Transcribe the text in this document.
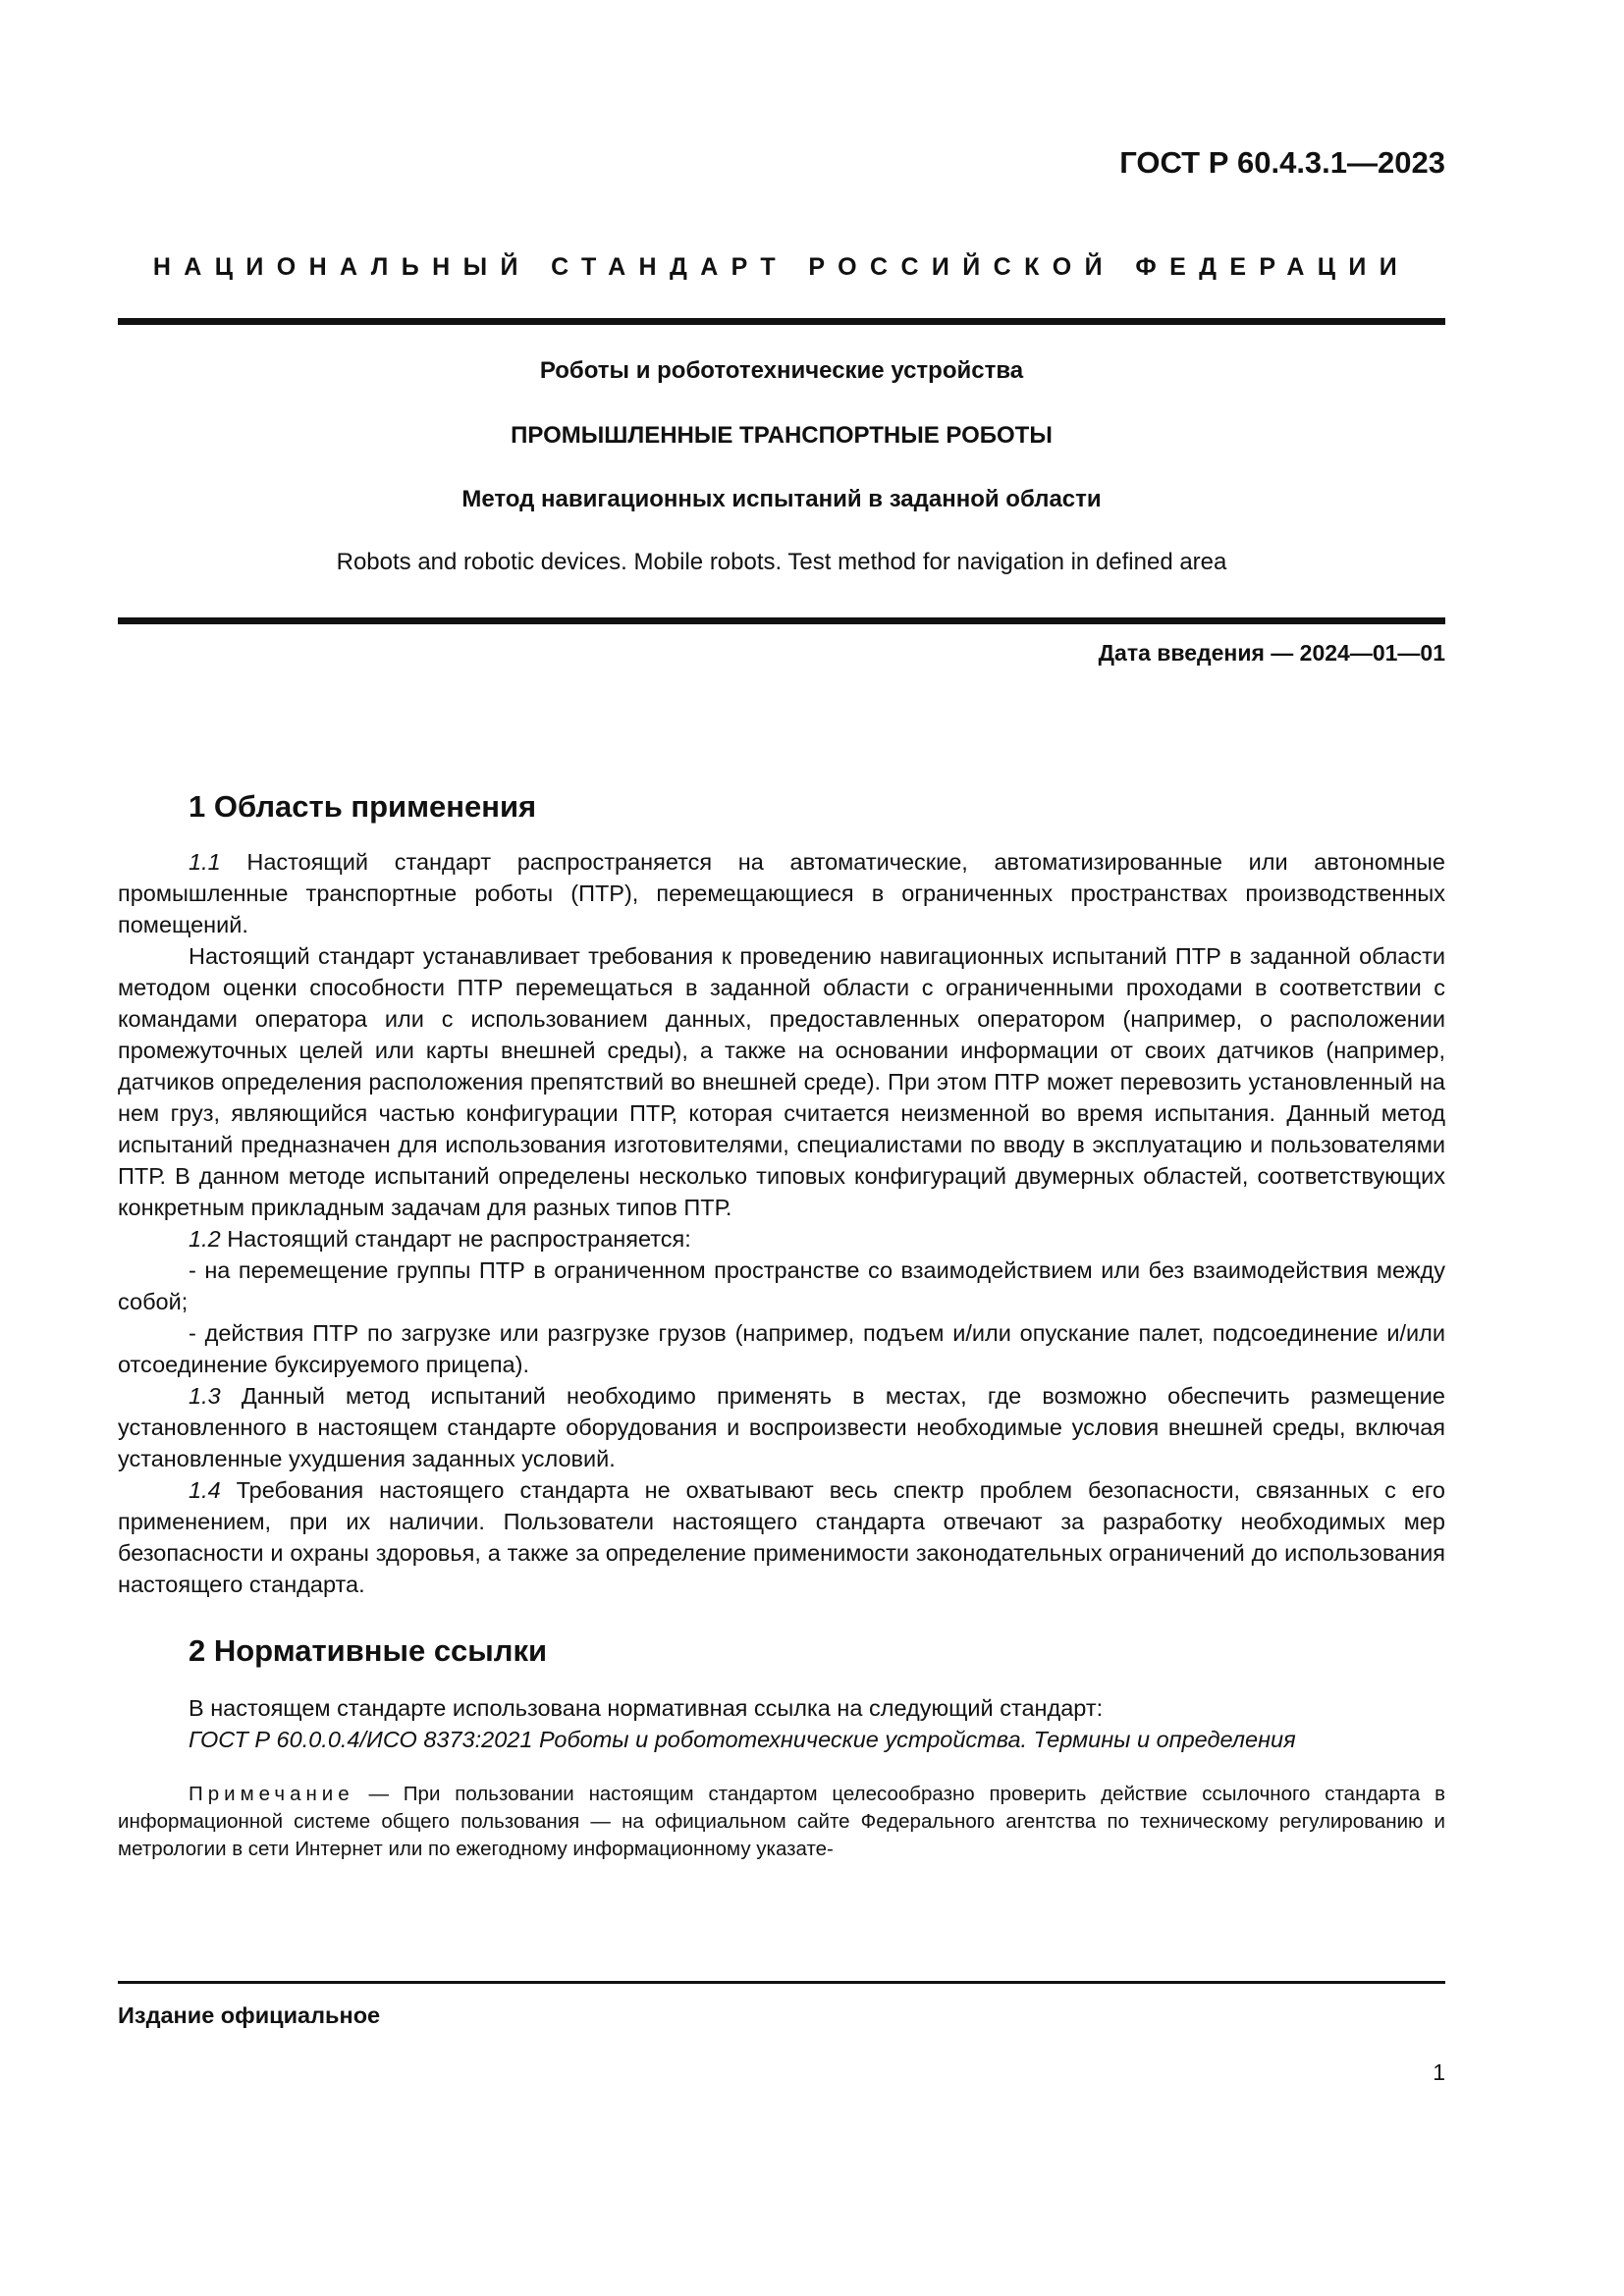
ГОСТ Р 60.4.3.1—2023
НАЦИОНАЛЬНЫЙ СТАНДАРТ РОССИЙСКОЙ ФЕДЕРАЦИИ
Роботы и робототехнические устройства
ПРОМЫШЛЕННЫЕ ТРАНСПОРТНЫЕ РОБОТЫ
Метод навигационных испытаний в заданной области
Robots and robotic devices. Mobile robots. Test method for navigation in defined area
Дата введения — 2024—01—01
1 Область применения

1.1 Настоящий стандарт распространяется на автоматические, автоматизированные или автономные промышленные транспортные роботы (ПТР), перемещающиеся в ограниченных пространствах производственных помещений.

Настоящий стандарт устанавливает требования к проведению навигационных испытаний ПТР в заданной области методом оценки способности ПТР перемещаться в заданной области с ограниченными проходами в соответствии с командами оператора или с использованием данных, предоставленных оператором (например, о расположении промежуточных целей или карты внешней среды), а также на основании информации от своих датчиков (например, датчиков определения расположения препятствий во внешней среде). При этом ПТР может перевозить установленный на нем груз, являющийся частью конфигурации ПТР, которая считается неизменной во время испытания. Данный метод испытаний предназначен для использования изготовителями, специалистами по вводу в эксплуатацию и пользователями ПТР. В данном методе испытаний определены несколько типовых конфигураций двумерных областей, соответствующих конкретным прикладным задачам для разных типов ПТР.

1.2 Настоящий стандарт не распространяется:

- на перемещение группы ПТР в ограниченном пространстве со взаимодействием или без взаимодействия между собой;

- действия ПТР по загрузке или разгрузке грузов (например, подъем и/или опускание палет, подсоединение и/или отсоединение буксируемого прицепа).

1.3 Данный метод испытаний необходимо применять в местах, где возможно обеспечить размещение установленного в настоящем стандарте оборудования и воспроизвести необходимые условия внешней среды, включая установленные ухудшения заданных условий.

1.4 Требования настоящего стандарта не охватывают весь спектр проблем безопасности, связанных с его применением, при их наличии. Пользователи настоящего стандарта отвечают за разработку необходимых мер безопасности и охраны здоровья, а также за определение применимости законодательных ограничений до использования настоящего стандарта.

2 Нормативные ссылки

В настоящем стандарте использована нормативная ссылка на следующий стандарт:

ГОСТ Р 60.0.0.4/ИСО 8373:2021 Роботы и робототехнические устройства. Термины и определения

Примечание — При пользовании настоящим стандартом целесообразно проверить действие ссылочного стандарта в информационной системе общего пользования — на официальном сайте Федерального агентства по техническому регулированию и метрологии в сети Интернет или по ежегодному информационному указате-

Издание официальное
1
